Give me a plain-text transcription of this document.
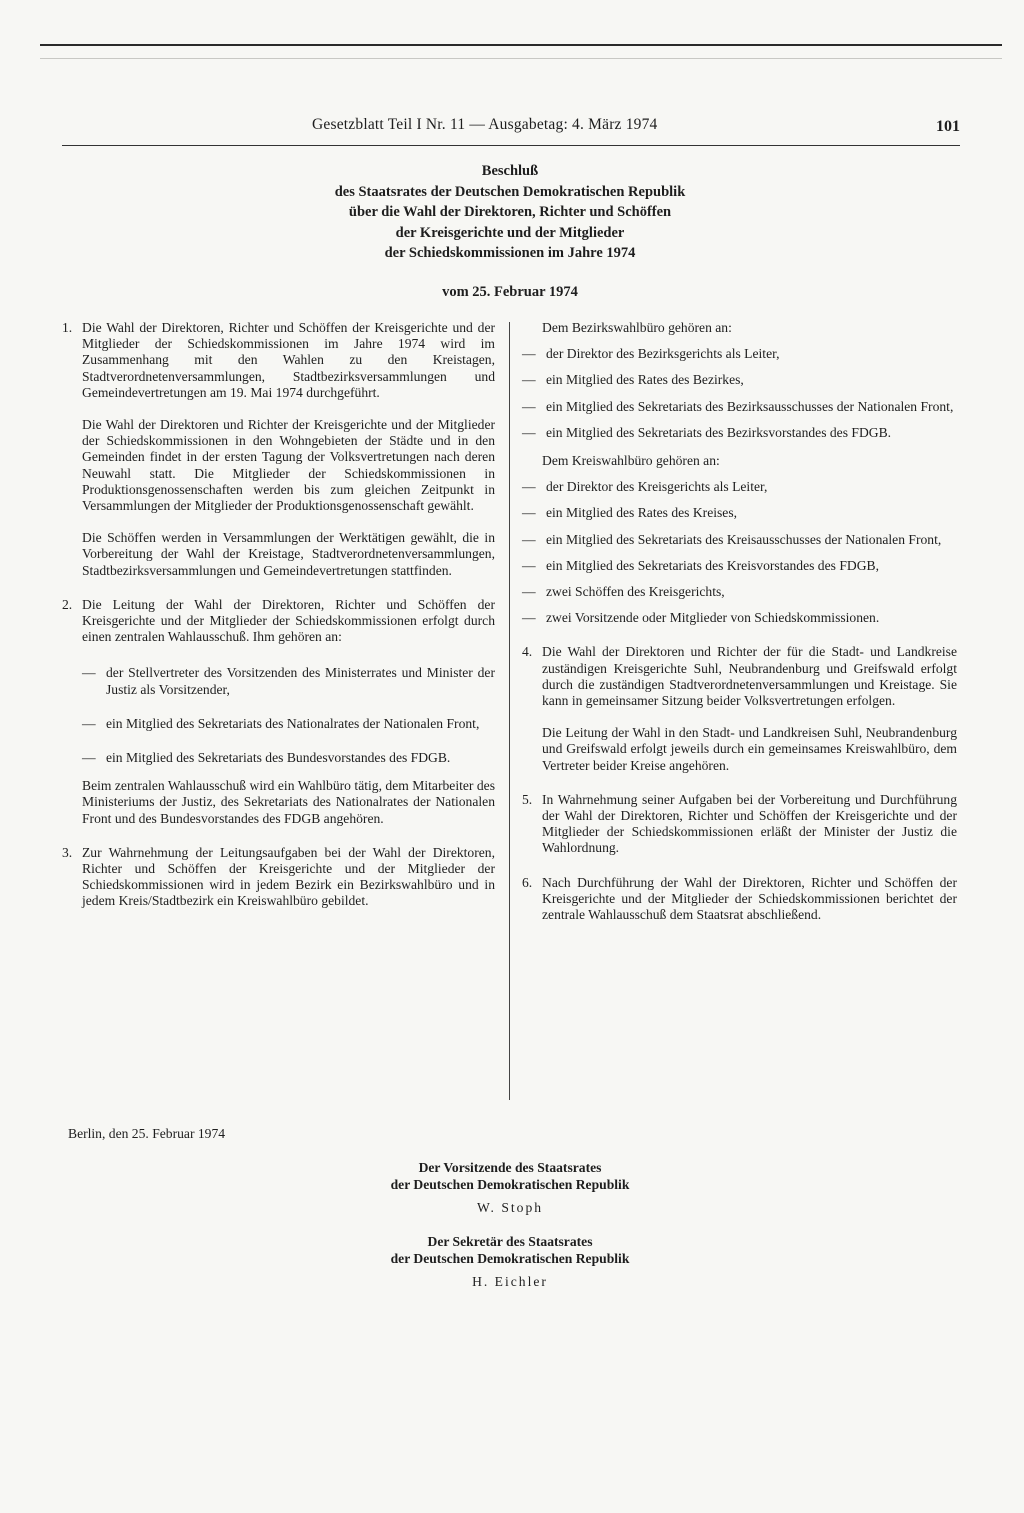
Gesetzblatt Teil I Nr. 11 — Ausgabetag: 4. März 1974	101
Beschluß
des Staatsrates der Deutschen Demokratischen Republik
über die Wahl der Direktoren, Richter und Schöffen
der Kreisgerichte und der Mitglieder
der Schiedskommissionen im Jahre 1974
vom 25. Februar 1974
1. Die Wahl der Direktoren, Richter und Schöffen der Kreisgerichte und der Mitglieder der Schiedskommissionen im Jahre 1974 wird im Zusammenhang mit den Wahlen zu den Kreistagen, Stadtverordnetenversammlungen, Stadtbezirksversammlungen und Gemeindevertretungen am 19. Mai 1974 durchgeführt.

Die Wahl der Direktoren und Richter der Kreisgerichte und der Mitglieder der Schiedskommissionen in den Wohngebieten der Städte und in den Gemeinden findet in der ersten Tagung der Volksvertretungen nach deren Neuwahl statt. Die Mitglieder der Schiedskommissionen in Produktionsgenossenschaften werden bis zum gleichen Zeitpunkt in Versammlungen der Mitglieder der Produktionsgenossenschaft gewählt.

Die Schöffen werden in Versammlungen der Werktätigen gewählt, die in Vorbereitung der Wahl der Kreistage, Stadtverordnetenversammlungen, Stadtbezirksversammlungen und Gemeindevertretungen stattfinden.

2. Die Leitung der Wahl der Direktoren, Richter und Schöffen der Kreisgerichte und der Mitglieder der Schiedskommissionen erfolgt durch einen zentralen Wahlausschuß. Ihm gehören an:

— der Stellvertreter des Vorsitzenden des Ministerrates und Minister der Justiz als Vorsitzender,
— ein Mitglied des Sekretariats des Nationalrates der Nationalen Front,
— ein Mitglied des Sekretariats des Bundesvorstandes des FDGB.

Beim zentralen Wahlausschuß wird ein Wahlbüro tätig, dem Mitarbeiter des Ministeriums der Justiz, des Sekretariats des Nationalrates der Nationalen Front und des Bundesvorstandes des FDGB angehören.

3. Zur Wahrnehmung der Leitungsaufgaben bei der Wahl der Direktoren, Richter und Schöffen der Kreisgerichte und der Mitglieder der Schiedskommissionen wird in jedem Bezirk ein Bezirkswahlbüro und in jedem Kreis/Stadtbezirk ein Kreiswahlbüro gebildet.

Dem Bezirkswahlbüro gehören an:

— der Direktor des Bezirksgerichts als Leiter,
— ein Mitglied des Rates des Bezirkes,
— ein Mitglied des Sekretariats des Bezirksausschusses der Nationalen Front,
— ein Mitglied des Sekretariats des Bezirksvorstandes des FDGB.

Dem Kreiswahlbüro gehören an:

— der Direktor des Kreisgerichts als Leiter,
— ein Mitglied des Rates des Kreises,
— ein Mitglied des Sekretariats des Kreisausschusses der Nationalen Front,
— ein Mitglied des Sekretariats des Kreisvorstandes des FDGB,
— zwei Schöffen des Kreisgerichts,
— zwei Vorsitzende oder Mitglieder von Schiedskommissionen.
4. Die Wahl der Direktoren und Richter der für die Stadt- und Landkreise zuständigen Kreisgerichte Suhl, Neubrandenburg und Greifswald erfolgt durch die zuständigen Stadtverordnetenversammlungen und Kreistage. Sie kann in gemeinsamer Sitzung beider Volksvertretungen erfolgen.

Die Leitung der Wahl in den Stadt- und Landkreisen Suhl, Neubrandenburg und Greifswald erfolgt jeweils durch ein gemeinsames Kreiswahlbüro, dem Vertreter beider Kreise angehören.

5. In Wahrnehmung seiner Aufgaben bei der Vorbereitung und Durchführung der Wahl der Direktoren, Richter und Schöffen der Kreisgerichte und der Mitglieder der Schiedskommissionen erläßt der Minister der Justiz die Wahlordnung.

6. Nach Durchführung der Wahl der Direktoren, Richter und Schöffen der Kreisgerichte und der Mitglieder der Schiedskommissionen berichtet der zentrale Wahlausschuß dem Staatsrat abschließend.

Berlin, den 25. Februar 1974
Der Vorsitzende des Staatsrates
der Deutschen Demokratischen Republik
W. Stoph
Der Sekretär des Staatsrates
der Deutschen Demokratischen Republik
H. Eichler
